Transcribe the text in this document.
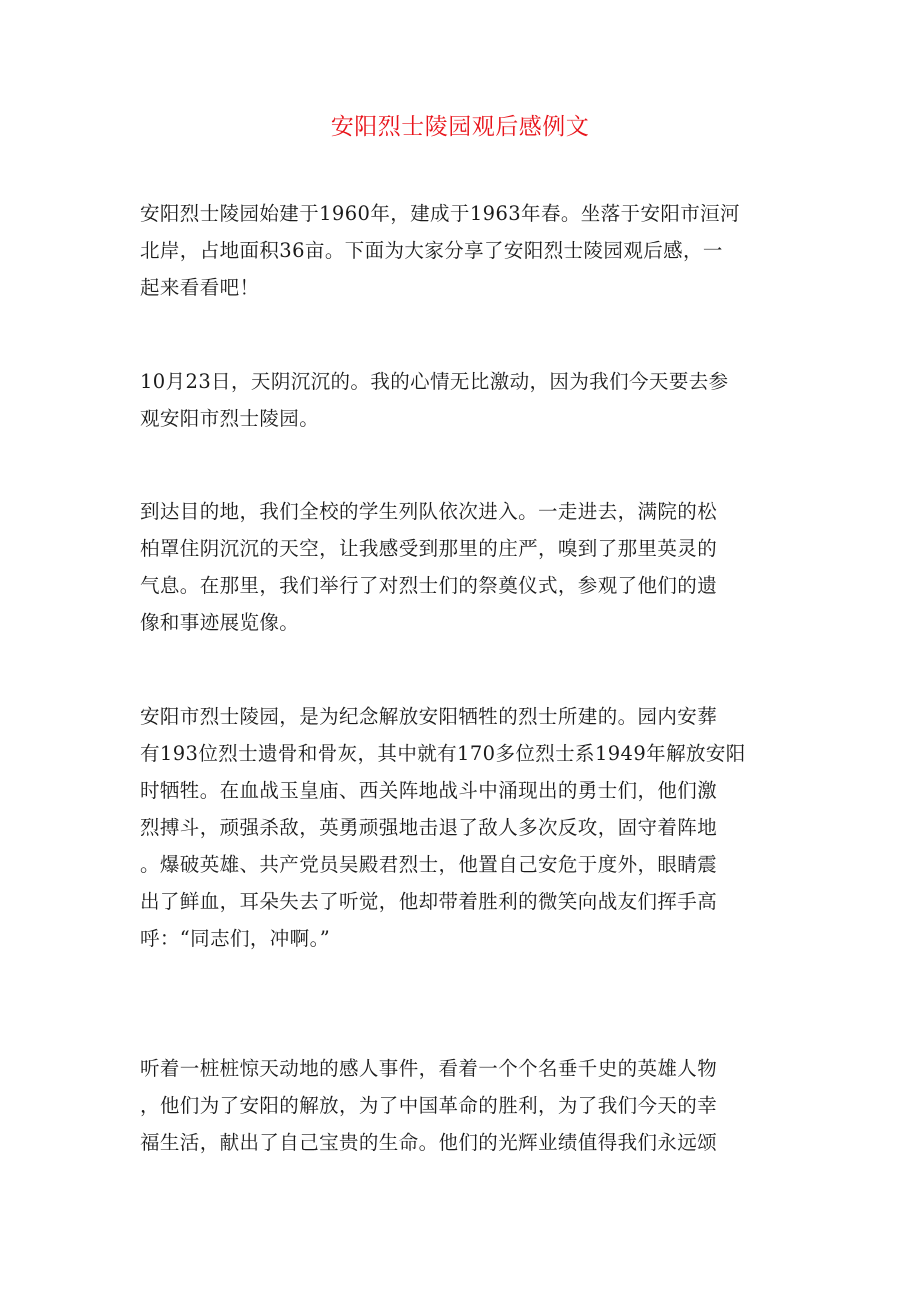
安阳烈士陵园观后感例文
安阳烈士陵园始建于1960年，建成于1963年春。坐落于安阳市洹河
北岸，占地面积36亩。下面为大家分享了安阳烈士陵园观后感，一
起来看看吧！
10月23日，天阴沉沉的。我的心情无比激动，因为我们今天要去参
观安阳市烈士陵园。
到达目的地，我们全校的学生列队依次进入。一走进去，满院的松
柏罩住阴沉沉的天空，让我感受到那里的庄严，嗅到了那里英灵的
气息。在那里，我们举行了对烈士们的祭奠仪式，参观了他们的遗
像和事迹展览像。
安阳市烈士陵园，是为纪念解放安阳牺牲的烈士所建的。园内安葬
有193位烈士遗骨和骨灰，其中就有170多位烈士系1949年解放安阳
时牺牲。在血战玉皇庙、西关阵地战斗中涌现出的勇士们，他们激
烈搏斗，顽强杀敌，英勇顽强地击退了敌人多次反攻，固守着阵地
。爆破英雄、共产党员吴殿君烈士，他置自己安危于度外，眼睛震
出了鲜血，耳朵失去了听觉，他却带着胜利的微笑向战友们挥手高
呼：“同志们，冲啊。”
听着一桩桩惊天动地的感人事件，看着一个个名垂千史的英雄人物
，他们为了安阳的解放，为了中国革命的胜利，为了我们今天的幸
福生活，献出了自己宝贵的生命。他们的光辉业绩值得我们永远颂
